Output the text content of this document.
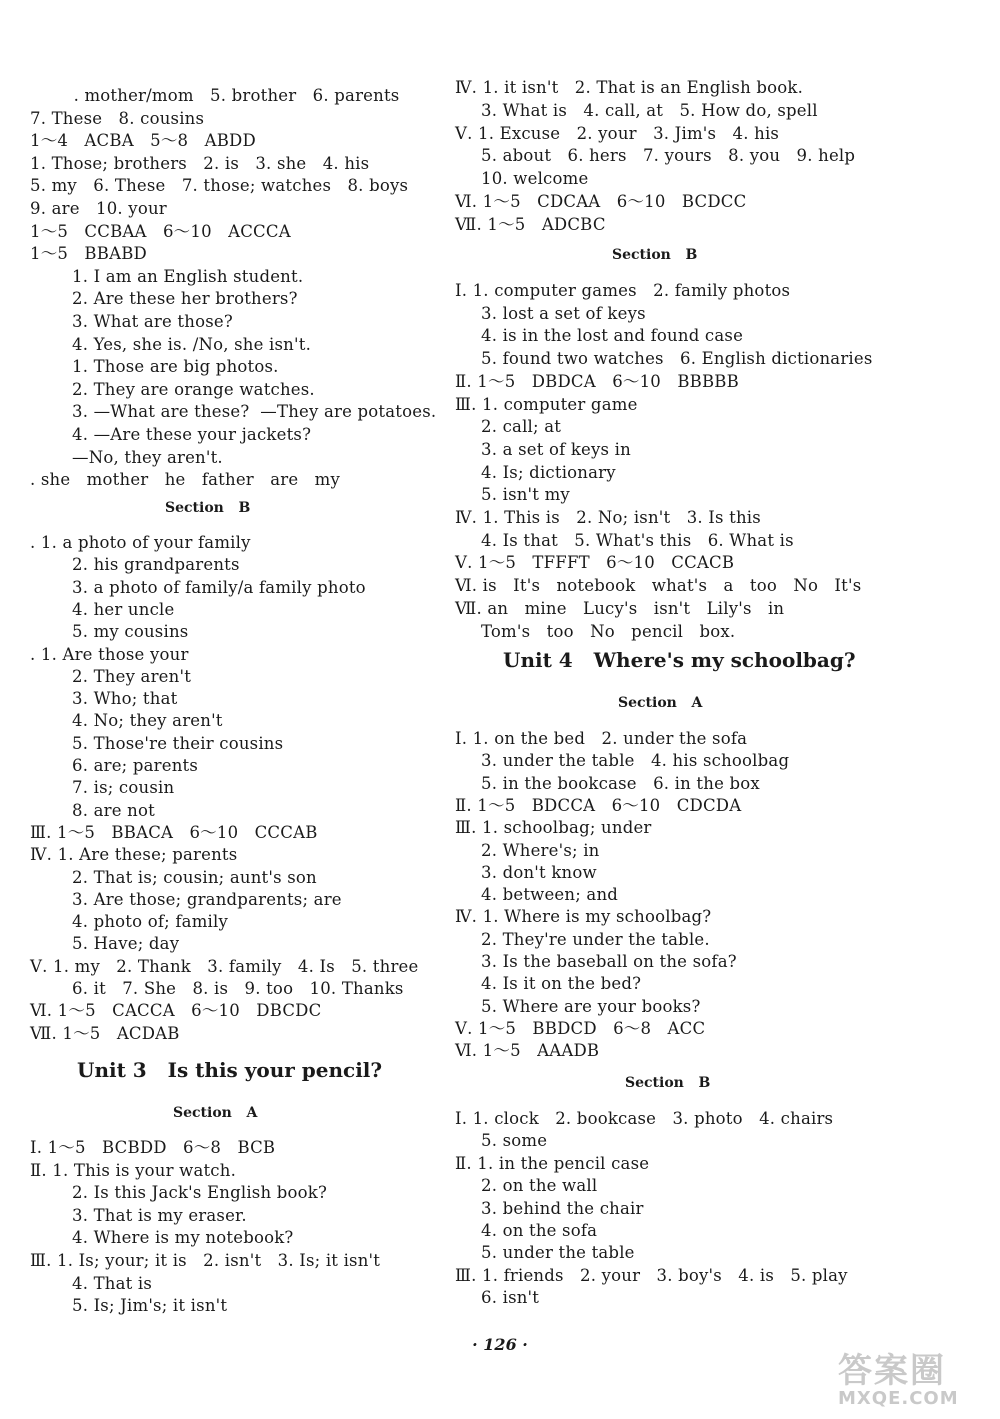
	. mother/mom   5. brother   6. parents
7. These   8. cousins
1～4   ACBA   5～8   ABDD
1. Those; brothers   2. is   3. she   4. his
5. my   6. These   7. those; watches   8. boys
9. are   10. your
1～5   CCBAA   6～10   ACCCA
1～5   BBABD
1. I am an English student.
2. Are these her brothers?
3. What are those?
4. Yes, she is. /No, she isn't.
1. Those are big photos.
2. They are orange watches.
3. —What are these?  —They are potatoes.
4. —Are these your jackets?
—No, they aren't.
. she   mother   he   father   are   my
Section   B
. 1. a photo of your family
2. his grandparents
3. a photo of family/a family photo
4. her uncle
5. my cousins
. 1. Are those your
2. They aren't
3. Who; that
4. No; they aren't
5. Those're their cousins
6. are; parents
7. is; cousin
8. are not
Ⅲ. 1～5   BBACA   6～10   CCCAB
Ⅳ. 1. Are these; parents
2. That is; cousin; aunt's son
3. Are those; grandparents; are
4. photo of; family
5. Have; day
Ⅴ. 1. my   2. Thank   3. family   4. Is   5. three
6. it   7. She   8. is   9. too   10. Thanks
Ⅵ. 1～5   CACCA   6～10   DBCDC
Ⅶ. 1～5   ACDAB
Unit 3   Is this your pencil?
Section   A
Ⅰ. 1～5   BCBDD   6～8   BCB
Ⅱ. 1. This is your watch.
2. Is this Jack's English book?
3. That is my eraser.
4. Where is my notebook?
Ⅲ. 1. Is; your; it is   2. isn't   3. Is; it isn't
4. That is
5. Is; Jim's; it isn't
Ⅳ. 1. it isn't   2. That is an English book.
3. What is   4. call, at   5. How do, spell
Ⅴ. 1. Excuse   2. your   3. Jim's   4. his
5. about   6. hers   7. yours   8. you   9. help
10. welcome
Ⅵ. 1～5   CDCAA   6～10   BCDCC
Ⅶ. 1～5   ADCBC
Section   B
Ⅰ. 1. computer games   2. family photos
3. lost a set of keys
4. is in the lost and found case
5. found two watches   6. English dictionaries
Ⅱ. 1～5   DBDCA   6～10   BBBBB
Ⅲ. 1. computer game
2. call; at
3. a set of keys in
4. Is; dictionary
5. isn't my
Ⅳ. 1. This is   2. No; isn't   3. Is this
4. Is that   5. What's this   6. What is
Ⅴ. 1～5   TFFFT   6～10   CCACB
Ⅵ. is   It's   notebook   what's   a   too   No   It's
Ⅶ. an   mine   Lucy's   isn't   Lily's   in
Tom's   too   No   pencil   box.
Unit 4   Where's my schoolbag?
Section   A
Ⅰ. 1. on the bed   2. under the sofa
3. under the table   4. his schoolbag
5. in the bookcase   6. in the box
Ⅱ. 1～5   BDCCA   6～10   CDCDA
Ⅲ. 1. schoolbag; under
2. Where's; in
3. don't know
4. between; and
Ⅳ. 1. Where is my schoolbag?
2. They're under the table.
3. Is the baseball on the sofa?
4. Is it on the bed?
5. Where are your books?
Ⅴ. 1～5   BBDCD   6～8   ACC
Ⅵ. 1～5   AAADB
Section   B
Ⅰ. 1. clock   2. bookcase   3. photo   4. chairs
5. some
Ⅱ. 1. in the pencil case
2. on the wall
3. behind the chair
4. on the sofa
5. under the table
Ⅲ. 1. friends   2. your   3. boy's   4. is   5. play
6. isn't
· 126 ·
答案圈
MXQE.COM
